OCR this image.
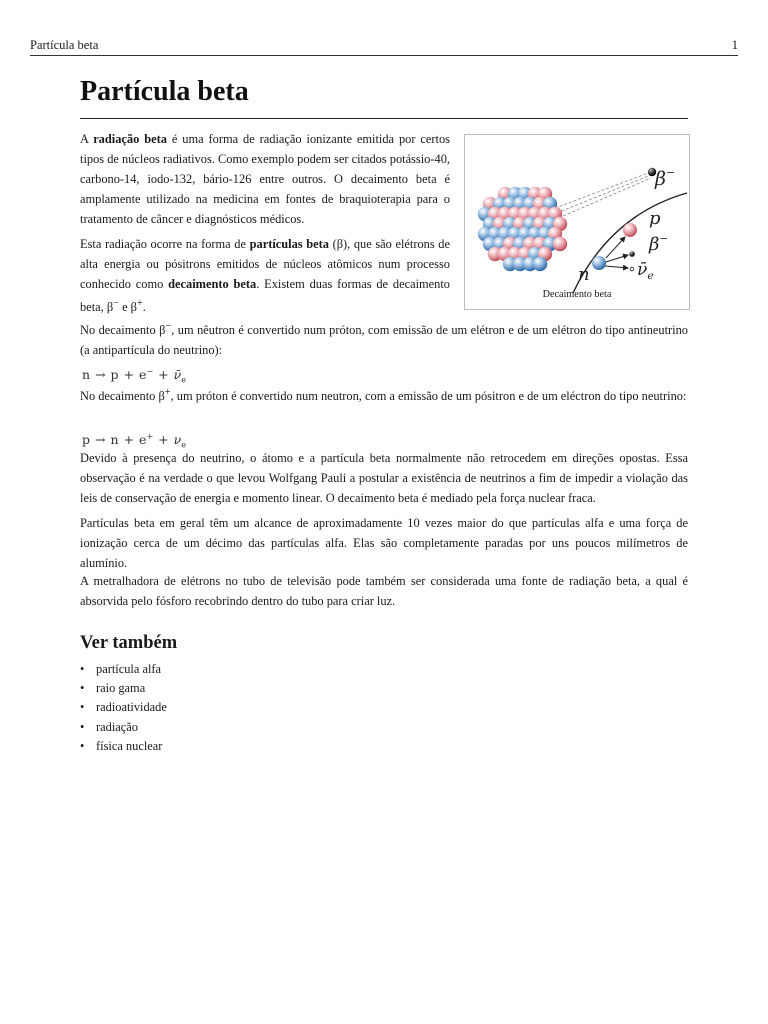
Partícula beta	1
Partícula beta

A radiação beta é uma forma de radiação ionizante emitida por certos tipos de núcleos radiativos. Como exemplo podem ser citados potássio-40, carbono-14, iodo-132, bário-126 entre outros. O decaimento beta é amplamente utilizado na medicina em fontes de braquioterapia para o tratamento de câncer e diagnósticos médicos.

Esta radiação ocorre na forma de partículas beta (β), que são elétrons de alta energia ou pósitrons emitidos de núcleos atômicos num processo conhecido como decaimento beta. Existem duas formas de decaimento beta, β− e β+.

β−
p
β−
$\nū_e$
n
Decaimento beta

No decaimento β−, um nêutron é convertido num próton, com emissão de um elétron e de um elétron do tipo antineutrino (a antipartícula do neutrino):

$n \to p + e^- + \nū_e$

No decaimento β+, um próton é convertido num neutron, com a emissão de um pósitron e de um eléctron do tipo neutrino:

$p \to n + e^+ + \nu_e$

Devido à presença do neutrino, o átomo e a partícula beta normalmente não retrocedem em direções opostas. Essa observação é na verdade o que levou Wolfgang Pauli a postular a existência de neutrinos a fim de impedir a violação das leis de conservação de energia e momento linear. O decaimento beta é mediado pela força nuclear fraca.

Partículas beta em geral têm um alcance de aproximadamente 10 vezes maior do que partículas alfa e uma força de ionização cerca de um décimo das partículas alfa. Elas são completamente paradas por uns poucos milímetros de alumínio.

A metralhadora de elétrons no tubo de televisão pode também ser considerada uma fonte de radiação beta, a qual é absorvida pelo fósforo recobrindo dentro do tubo para criar luz.

Ver também
• partícula alfa
• raio gama
• radioatividade
• radiação
• física nuclear
